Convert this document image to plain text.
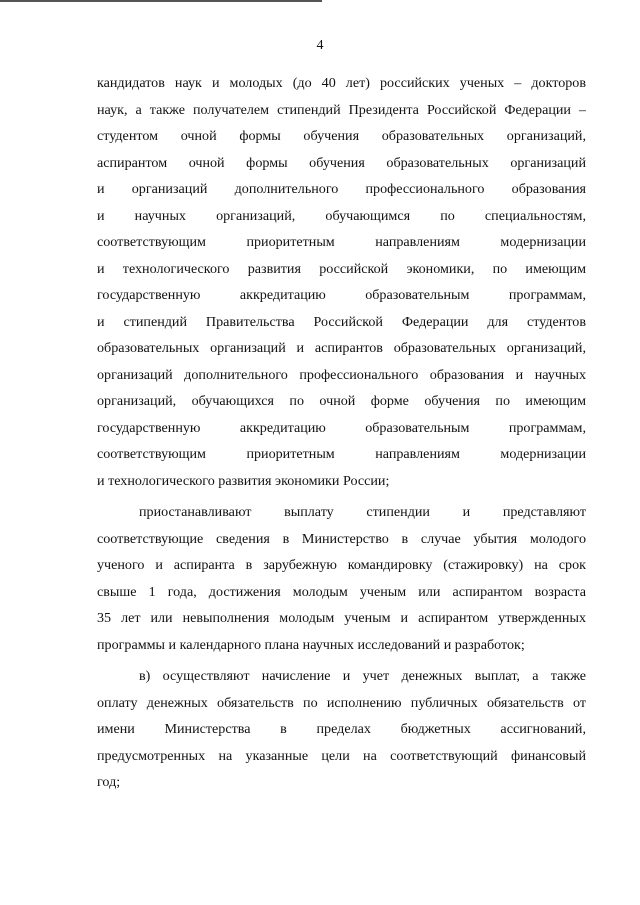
4
кандидатов наук и молодых (до 40 лет) российских ученых – докторов
наук, а также получателем стипендий Президента Российской Федерации –
студентом очной формы обучения образовательных организаций,
аспирантом очной формы обучения образовательных организаций
и организаций дополнительного профессионального образования
и научных организаций, обучающимся по специальностям,
соответствующим приоритетным направлениям модернизации
и технологического развития российской экономики, по имеющим
государственную аккредитацию образовательным программам,
и стипендий Правительства Российской Федерации для студентов
образовательных организаций и аспирантов образовательных организаций,
организаций дополнительного профессионального образования и научных
организаций, обучающихся по очной форме обучения по имеющим
государственную аккредитацию образовательным программам,
соответствующим приоритетным направлениям модернизации
и технологического развития экономики России;
приостанавливают выплату стипендии и представляют
соответствующие сведения в Министерство в случае убытия молодого
ученого и аспиранта в зарубежную командировку (стажировку) на срок
свыше 1 года, достижения молодым ученым или аспирантом возраста
35 лет или невыполнения молодым ученым и аспирантом утвержденных
программы и календарного плана научных исследований и разработок;
в) осуществляют начисление и учет денежных выплат, а также
оплату денежных обязательств по исполнению публичных обязательств от
имени Министерства в пределах бюджетных ассигнований,
предусмотренных на указанные цели на соответствующий финансовый
год;
